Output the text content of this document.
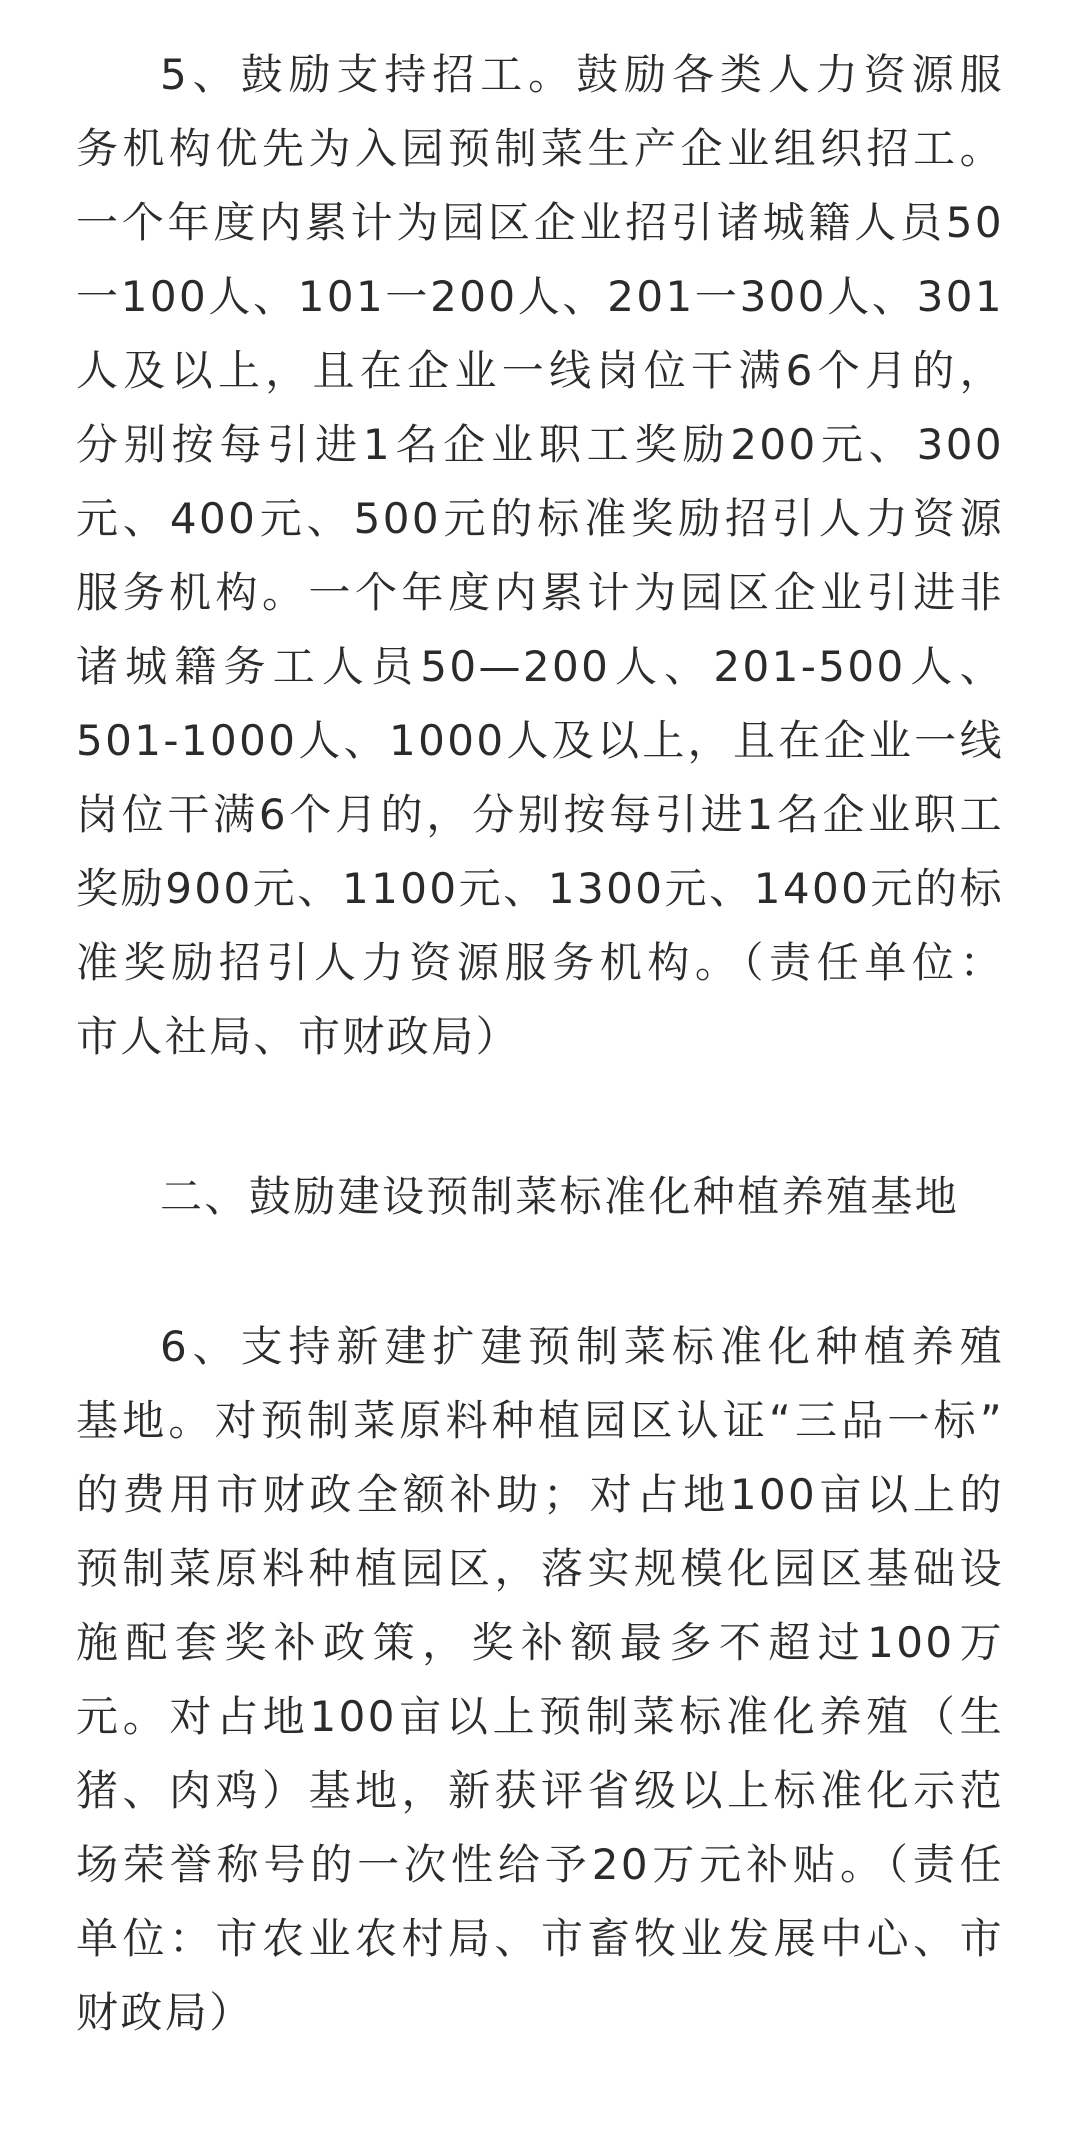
5、鼓励支持招工。鼓励各类人力资源服
务机构优先为入园预制菜生产企业组织招工。
一个年度内累计为园区企业招引诸城籍人员50
一100人、101一200人、201一300人、301
人及以上，且在企业一线岗位干满6个月的，
分别按每引进1名企业职工奖励200元、300
元、400元、500元的标准奖励招引人力资源
服务机构。一个年度内累计为园区企业引进非
诸城籍务工人员50—200人、201-500人、
501-1000人、1000人及以上，且在企业一线
岗位干满6个月的，分别按每引进1名企业职工
奖励900元、1100元、1300元、1400元的标
准奖励招引人力资源服务机构。（责任单位：
市人社局、市财政局）
二、鼓励建设预制菜标准化种植养殖基地
6、支持新建扩建预制菜标准化种植养殖
基地。对预制菜原料种植园区认证“三品一标”
的费用市财政全额补助；对占地100亩以上的
预制菜原料种植园区，落实规模化园区基础设
施配套奖补政策，奖补额最多不超过100万
元。对占地100亩以上预制菜标准化养殖（生
猪、肉鸡）基地，新获评省级以上标准化示范
场荣誉称号的一次性给予20万元补贴。（责任
单位：市农业农村局、市畜牧业发展中心、市
财政局）
